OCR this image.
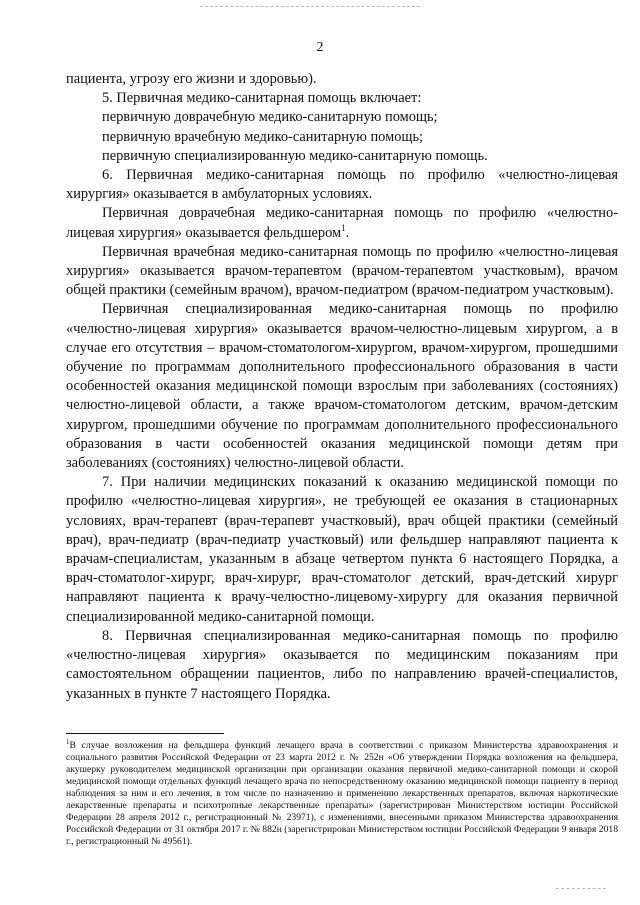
2

пациента, угрозу его жизни и здоровью).

5. Первичная медико-санитарная помощь включает:

первичную доврачебную медико-санитарную помощь;

первичную врачебную медико-санитарную помощь;

первичную специализированную медико-санитарную помощь.

6. Первичная медико-санитарная помощь по профилю «челюстно-лицевая хирургия» оказывается в амбулаторных условиях.

Первичная доврачебная медико-санитарная помощь по профилю «челюстно-лицевая хирургия» оказывается фельдшером$^1$.

Первичная врачебная медико-санитарная помощь по профилю «челюстно-лицевая хирургия» оказывается врачом-терапевтом (врачом-терапевтом участковым), врачом общей практики (семейным врачом), врачом-педиатром (врачом-педиатром участковым).

Первичная специализированная медико-санитарная помощь по профилю «челюстно-лицевая хирургия» оказывается врачом-челюстно-лицевым хирургом, а в случае его отсутствия – врачом-стоматологом-хирургом, врачом-хирургом, прошедшими обучение по программам дополнительного профессионального образования в части особенностей оказания медицинской помощи взрослым при заболеваниях (состояниях) челюстно-лицевой области, а также врачом-стоматологом детским, врачом-детским хирургом, прошедшими обучение по программам дополнительного профессионального образования в части особенностей оказания медицинской помощи детям при заболеваниях (состояниях) челюстно-лицевой области.

7. При наличии медицинских показаний к оказанию медицинской помощи по профилю «челюстно-лицевая хирургия», не требующей ее оказания в стационарных условиях, врач-терапевт (врач-терапевт участковый), врач общей практики (семейный врач), врач-педиатр (врач-педиатр участковый) или фельдшер направляют пациента к врачам-специалистам, указанным в абзаце четвертом пункта 6 настоящего Порядка, а врач-стоматолог-хирург, врач-хирург, врач-стоматолог детский, врач-детский хирург направляют пациента к врачу-челюстно-лицевому-хирургу для оказания первичной специализированной медико-санитарной помощи.

8. Первичная специализированная медико-санитарная помощь по профилю «челюстно-лицевая хирургия» оказывается по медицинским показаниям при самостоятельном обращении пациентов, либо по направлению врачей-специалистов, указанных в пункте 7 настоящего Порядка.

$^1$В случае возложения на фельдшера функций лечащего врача в соответствии с приказом Министерства здравоохранения и социального развития Российской Федерации от 23 марта 2012 г. № 252н «Об утверждении Порядка возложения на фельдшера, акушерку руководителем медицинской организации при организации оказания первичной медико-санитарной помощи и скорой медицинской помощи отдельных функций лечащего врача по непосредственному оказанию медицинской помощи пациенту в период наблюдения за ним и его лечения, в том числе по назначению и применению лекарственных препаратов, включая наркотические лекарственные препараты и психотропные лекарственные препараты» (зарегистрирован Министерством юстиции Российской Федерации 28 апреля 2012 г., регистрационный № 23971), с изменениями, внесенными приказом Министерства здравоохранения Российской Федерации от 31 октября 2017 г. № 882н (зарегистрирован Министерством юстиции Российской Федерации 9 января 2018 г., регистрационный № 49561).
